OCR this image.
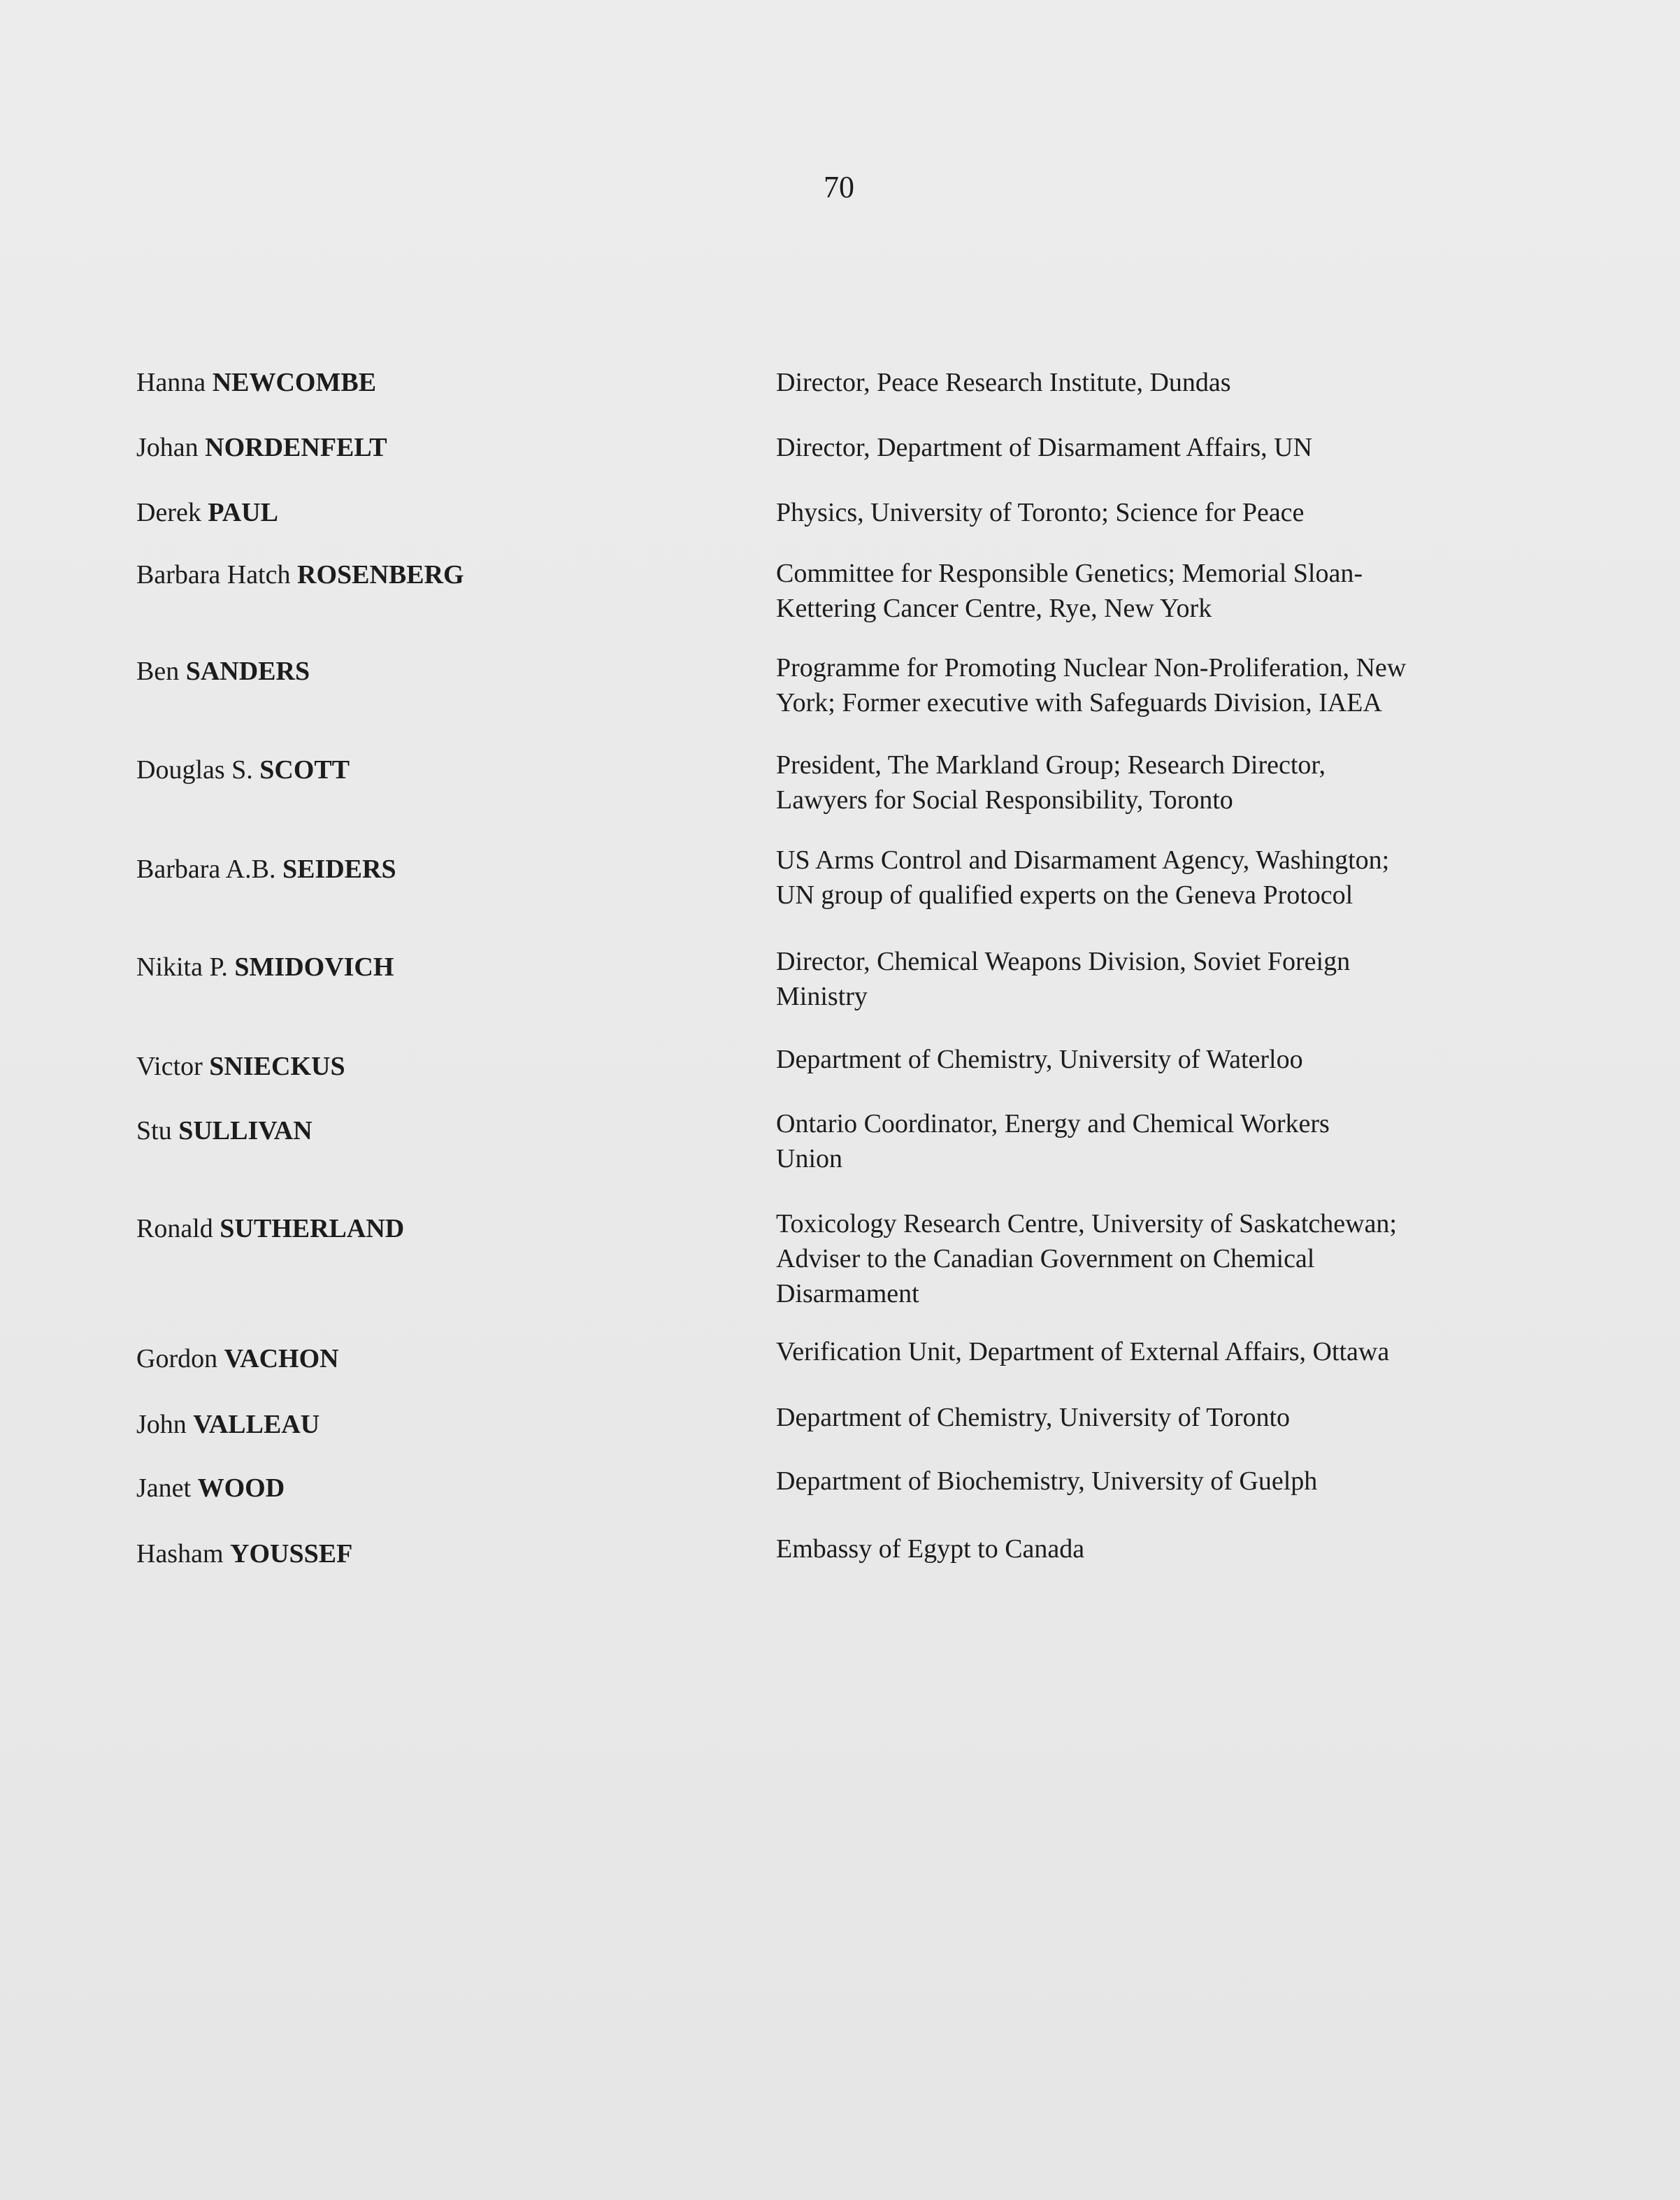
70
Hanna NEWCOMBE	Director, Peace Research Institute, Dundas
Johan NORDENFELT	Director, Department of Disarmament Affairs, UN
Derek PAUL	Physics, University of Toronto; Science for Peace
Barbara Hatch ROSENBERG	Committee for Responsible Genetics; Memorial Sloan-
Kettering Cancer Centre, Rye, New York
Ben SANDERS	Programme for Promoting Nuclear Non-Proliferation, New
York; Former executive with Safeguards Division, IAEA
Douglas S. SCOTT	President, The Markland Group; Research Director,
Lawyers for Social Responsibility, Toronto
Barbara A.B. SEIDERS	US Arms Control and Disarmament Agency, Washington;
UN group of qualified experts on the Geneva Protocol
Nikita P. SMIDOVICH	Director, Chemical Weapons Division, Soviet Foreign
Ministry
Victor SNIECKUS	Department of Chemistry, University of Waterloo
Stu SULLIVAN	Ontario Coordinator, Energy and Chemical Workers
Union
Ronald SUTHERLAND	Toxicology Research Centre, University of Saskatchewan;
Adviser to the Canadian Government on Chemical
Disarmament
Gordon VACHON	Verification Unit, Department of External Affairs, Ottawa
John VALLEAU	Department of Chemistry, University of Toronto
Janet WOOD	Department of Biochemistry, University of Guelph
Hasham YOUSSEF	Embassy of Egypt to Canada
